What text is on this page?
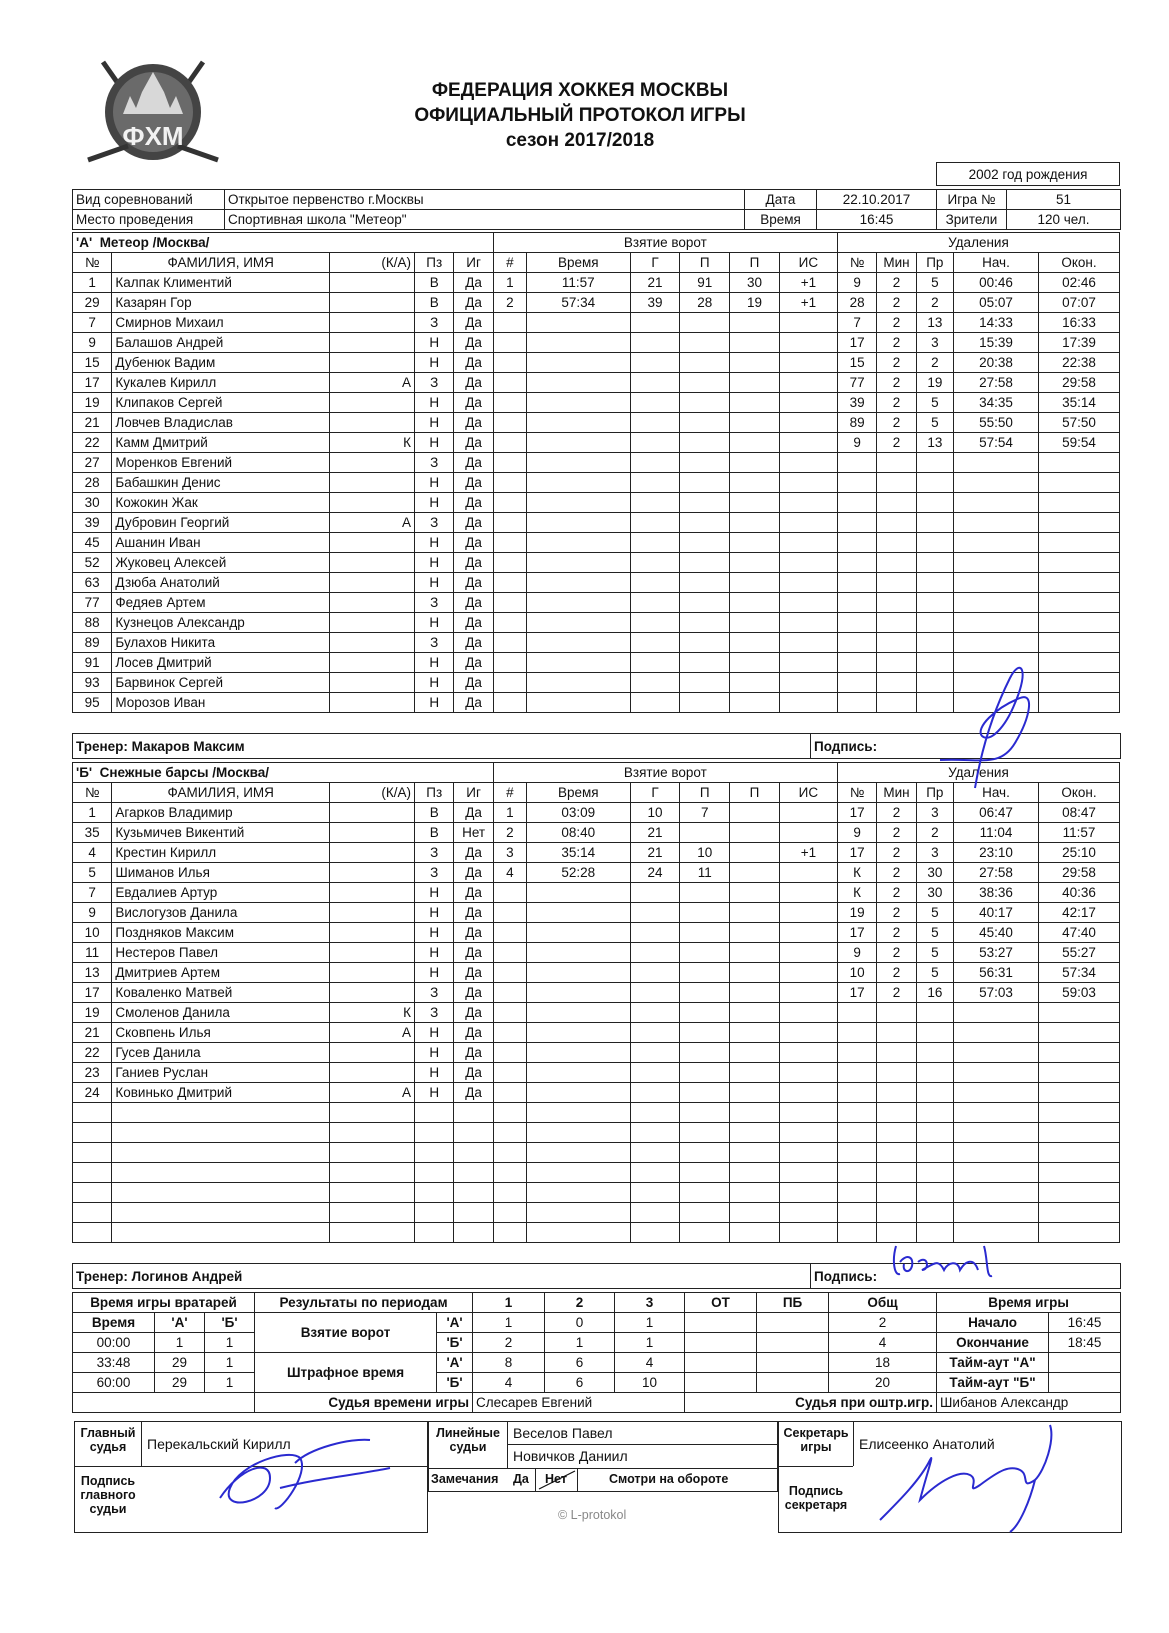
ФХМ
ФЕДЕРАЦИЯ ХОККЕЯ МОСКВЫ
ОФИЦИАЛЬНЫЙ ПРОТОКОЛ ИГРЫ
сезон 2017/2018
2002 год рождения
Вид соревнований	Открытое первенство г.Москвы	Дата	22.10.2017	Игра №	51
Место проведения	Спортивная школа "Метеор"	Время	16:45	Зрители	120 чел.
'А' Метеор /Москва/					Взятие ворот						Удаления				
№	ФАМИЛИЯ, ИМЯ	(К/А)	Пз	Иг	#	Время	Г	П	П	ИС	№	Мин	Пр	Нач.	Окон.
1	Калпак Климентий		В	Да	1	11:57	21	91	30	+1	9	2	5	00:46	02:46
29	Казарян Гор		В	Да	2	57:34	39	28	19	+1	28	2	2	05:07	07:07
7	Смирнов Михаил		З	Да							7	2	13	14:33	16:33
9	Балашов Андрей		Н	Да							17	2	3	15:39	17:39
15	Дубенюк Вадим		Н	Да							15	2	2	20:38	22:38
17	Кукалев Кирилл	А	З	Да							77	2	19	27:58	29:58
19	Клипаков Сергей		Н	Да							39	2	5	34:35	35:14
21	Ловчев Владислав		Н	Да							89	2	5	55:50	57:50
22	Камм Дмитрий	К	Н	Да							9	2	13	57:54	59:54
27	Моренков Евгений		З	Да											
28	Бабашкин Денис		Н	Да											
30	Кожокин Жак		Н	Да											
39	Дубровин Георгий	А	З	Да											
45	Ашанин Иван		Н	Да											
52	Жуковец Алексей		Н	Да											
63	Дзюба Анатолий		Н	Да											
77	Федяев Артем		З	Да											
88	Кузнецов Александр		Н	Да											
89	Булахов Никита		З	Да											
91	Лосев Дмитрий		Н	Да											
93	Барвинок Сергей		Н	Да											
95	Морозов Иван		Н	Да											
Тренер: Макаров Максим	Подпись:
'Б' Снежные барсы /Москва/					Взятие ворот						Удаления				
№	ФАМИЛИЯ, ИМЯ	(К/А)	Пз	Иг	#	Время	Г	П	П	ИС	№	Мин	Пр	Нач.	Окон.
1	Агарков Владимир		В	Да	1	03:09	10	7			17	2	3	06:47	08:47
35	Кузьмичев Викентий		В	Нет	2	08:40	21				9	2	2	11:04	11:57
4	Крестин Кирилл		З	Да	3	35:14	21	10		+1	17	2	3	23:10	25:10
5	Шиманов Илья		З	Да	4	52:28	24	11			К	2	30	27:58	29:58
7	Евдалиев Артур		Н	Да							К	2	30	38:36	40:36
9	Вислогузов Данила		Н	Да							19	2	5	40:17	42:17
10	Поздняков Максим		Н	Да							17	2	5	45:40	47:40
11	Нестеров Павел		Н	Да							9	2	5	53:27	55:27
13	Дмитриев Артем		Н	Да							10	2	5	56:31	57:34
17	Коваленко Матвей		З	Да							17	2	16	57:03	59:03
19	Смоленов Данила	К	З	Да											
21	Сковпень Илья	А	Н	Да											
22	Гусев Данила		Н	Да											
23	Ганиев Руслан		Н	Да											
24	Ковинько Дмитрий	А	Н	Да											

Тренер: Логинов Андрей	Подпись:
Время игры вратарей			Результаты по периодам		1	2	3	ОТ	ПБ	Общ	Время игры	
Время	'А'	'Б'	Взятие ворот	'А'	1	0	1			2	Начало	16:45
00:00	1	1		'Б'	2	1	1			4	Окончание	18:45
33:48	29	1	Штрафное время	'А'	8	6	4			18	Тайм-аут "А"	
60:00	29	1		'Б'	4	6	10			20	Тайм-аут "Б"	
			Судья времени игры		Слесарев Евгений			Судья при оштр.игр.			Шибанов Александр	
Главный судья	Перекальский Кирилл
Подпись главного судьи
Линейные судьи
Веселов Павел
Новичков Даниил
Замечания Да Нет	Смотри на обороте
© L-protokol
Секретарь игры	Елисеенко Анатолий
Подпись секретаря
